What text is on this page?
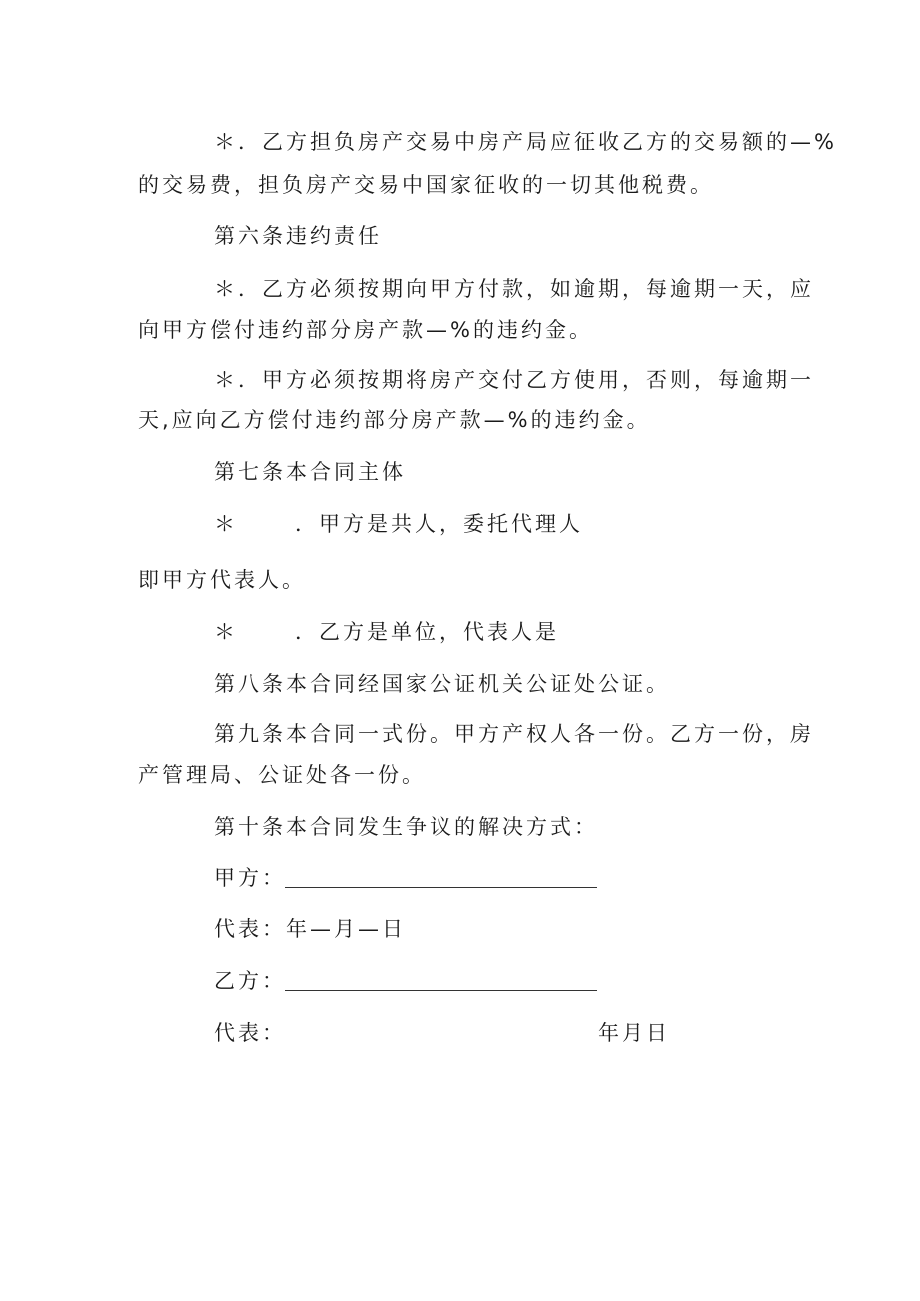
＊．乙方担负房产交易中房产局应征收乙方的交易额的—%
的交易费，担负房产交易中国家征收的一切其他税费。
第六条违约责任
＊．乙方必须按期向甲方付款，如逾期，每逾期一天，应
向甲方偿付违约部分房产款—%的违约金。
＊．甲方必须按期将房产交付乙方使用，否则，每逾期一
天,应向乙方偿付违约部分房产款—%的违约金。
第七条本合同主体
＊	．甲方是共人，委托代理人
即甲方代表人。
＊	．乙方是单位，代表人是
第八条本合同经国家公证机关公证处公证。
第九条本合同一式份。甲方产权人各一份。乙方一份，房
产管理局、公证处各一份。
第十条本合同发生争议的解决方式：
甲方：
代表：年—月—日
乙方：
代表：	年月日
